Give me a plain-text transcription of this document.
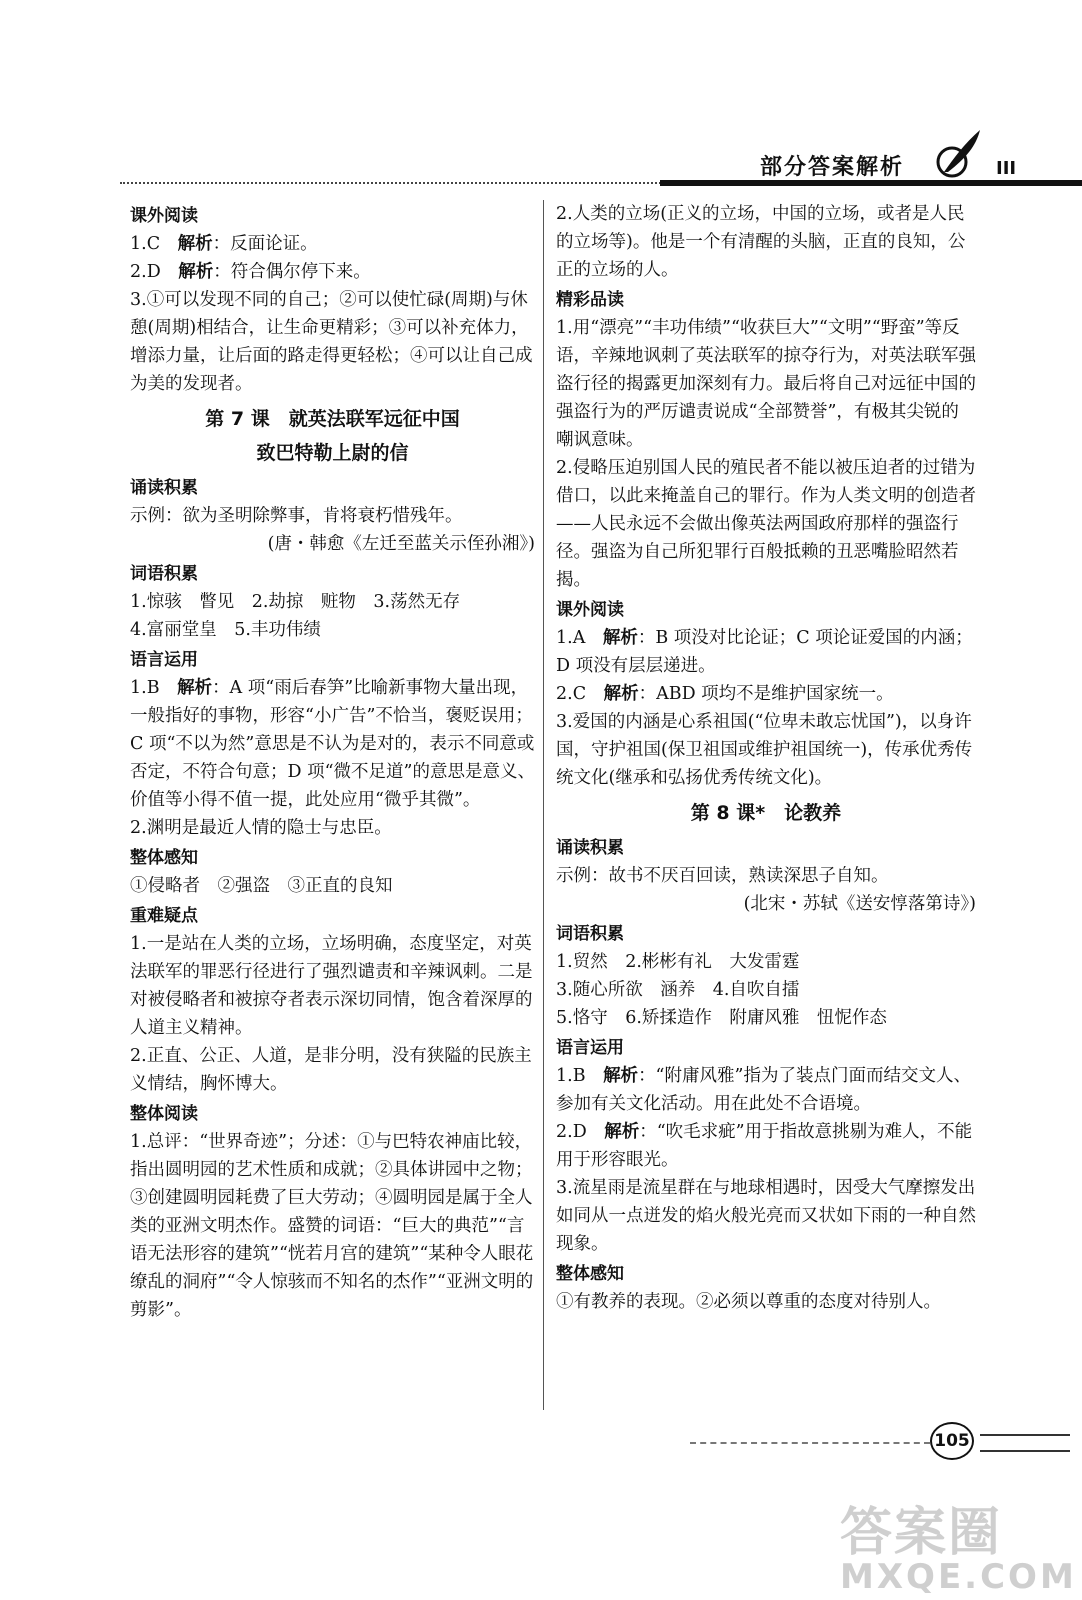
部分答案解析	III
课外阅读
1.C　 解析：反面论证。
2.D　 解析：符合偶尔停下来。
3.①可以发现不同的自己；②可以使忙碌(周期)与休憩(周期)相结合，让生命更精彩；③可以补充体力，增添力量，让后面的路走得更轻松；④可以让自己成为美的发现者。
第 7 课　就英法联军远征中国
致巴特勒上尉的信
诵读积累
示例：欲为圣明除弊事，肯将衰朽惜残年。
(唐・韩愈《左迁至蓝关示侄孙湘》)
词语积累
1.惊骇　瞥见　2.劫掠　赃物　3.荡然无存
4.富丽堂皇　5.丰功伟绩
语言运用
1.B　 解析：A 项“雨后春笋”比喻新事物大量出现，一般指好的事物，形容“小广告”不恰当，褒贬误用；C 项“不以为然”意思是不认为是对的，表示不同意或否定，不符合句意；D 项“微不足道”的意思是意义、价值等小得不值一提，此处应用“微乎其微”。
2.渊明是最近人情的隐士与忠臣。
整体感知
①侵略者　②强盗　③正直的良知
重难疑点
1.一是站在人类的立场，立场明确，态度坚定，对英法联军的罪恶行径进行了强烈谴责和辛辣讽刺。二是对被侵略者和被掠夺者表示深切同情，饱含着深厚的人道主义精神。
2.正直、公正、人道，是非分明，没有狭隘的民族主义情结，胸怀博大。
整体阅读
1.总评：“世界奇迹”；分述：①与巴特农神庙比较，指出圆明园的艺术性质和成就；②具体讲园中之物；③创建圆明园耗费了巨大劳动；④圆明园是属于全人类的亚洲文明杰作。盛赞的词语：“巨大的典范”“言语无法形容的建筑”“恍若月宫的建筑”“某种令人眼花缭乱的洞府”“令人惊骇而不知名的杰作”“亚洲文明的剪影”。
2.人类的立场(正义的立场，中国的立场，或者是人民的立场等)。他是一个有清醒的头脑，正直的良知，公正的立场的人。
精彩品读
1.用“漂亮”“丰功伟绩”“收获巨大”“文明”“野蛮”等反语，辛辣地讽刺了英法联军的掠夺行为，对英法联军强盗行径的揭露更加深刻有力。最后将自己对远征中国的强盗行为的严厉谴责说成“全部赞誉”，有极其尖锐的嘲讽意味。
2.侵略压迫别国人民的殖民者不能以被压迫者的过错为借口，以此来掩盖自己的罪行。作为人类文明的创造者——人民永远不会做出像英法两国政府那样的强盗行径。强盗为自己所犯罪行百般抵赖的丑恶嘴脸昭然若揭。
课外阅读
1.A　 解析：B 项没对比论证；C 项论证爱国的内涵；D 项没有层层递进。
2.C　 解析：ABD 项均不是维护国家统一。
3.爱国的内涵是心系祖国(“位卑未敢忘忧国”)，以身许国，守护祖国(保卫祖国或维护祖国统一)，传承优秀传统文化(继承和弘扬优秀传统文化)。
第 8 课*　论教养
诵读积累
示例：故书不厌百回读，熟读深思子自知。
(北宋・苏轼《送安惇落第诗》)
词语积累
1.贸然　2.彬彬有礼　大发雷霆
3.随心所欲　涵养　4.自吹自擂
5.恪守　6.矫揉造作　附庸风雅　忸怩作态
语言运用
1.B　 解析：“附庸风雅”指为了装点门面而结交文人、参加有关文化活动。用在此处不合语境。
2.D　 解析：“吹毛求疵”用于指故意挑剔为难人，不能用于形容眼光。
3.流星雨是流星群在与地球相遇时，因受大气摩擦发出如同从一点迸发的焰火般光亮而又状如下雨的一种自然现象。
整体感知
①有教养的表现。②必须以尊重的态度对待别人。
105
答案圈
MXQE.COM
